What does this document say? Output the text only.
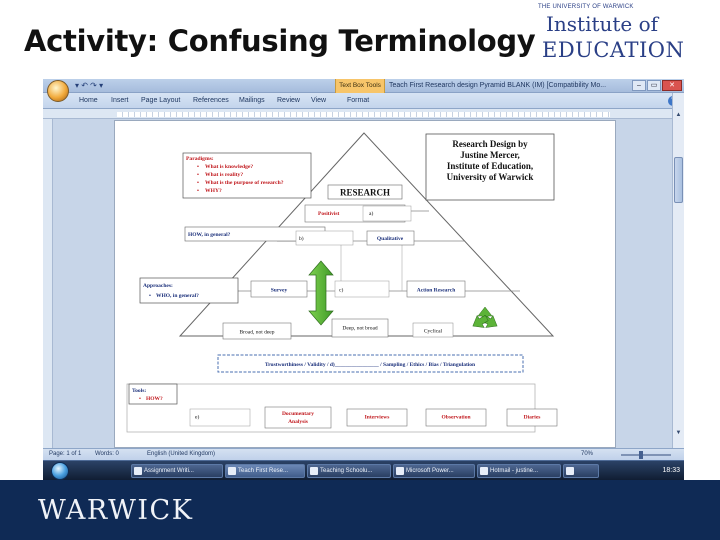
Activity: Confusing Terminology
THE UNIVERSITY OF WARWICK
Institute of
EDUCATION
▾ ↶ ↷ ▾	Text Box Tools	Teach First Research design Pyramid BLANK (IM) [Compatibility Mo...	–	▭	✕
Home Insert Page Layout References Mailings Review View	Format
▲
▼
Research Design by
Justine Mercer,
Institute of Education,
University of Warwick
Paradigms:
What is knowledge?
What is reality?
What is the purpose of research?
WHY?
•
•
•
•	RESEARCH
Positivist	a)
HOW, in general?
b)	Qualitative
Approaches:
• WHO, in general?
Survey	c)	Action Research
Broad, not deep
Deep, not broad	Cyclical
Trustworthiness / Validity / d)________________ / Sampling / Ethics / Bias / Triangulation
Tools:
• HOW?
e)
Documentary
Analysis
Interviews	Observation	Diaries
Page: 1 of 1 Words: 0	English (United Kingdom)	70%
Assignment Writi...	Teach First Rese...	Teaching Schoolu...	Microsoft Power...	Hotmail - justine...	18:33
WARWICK
